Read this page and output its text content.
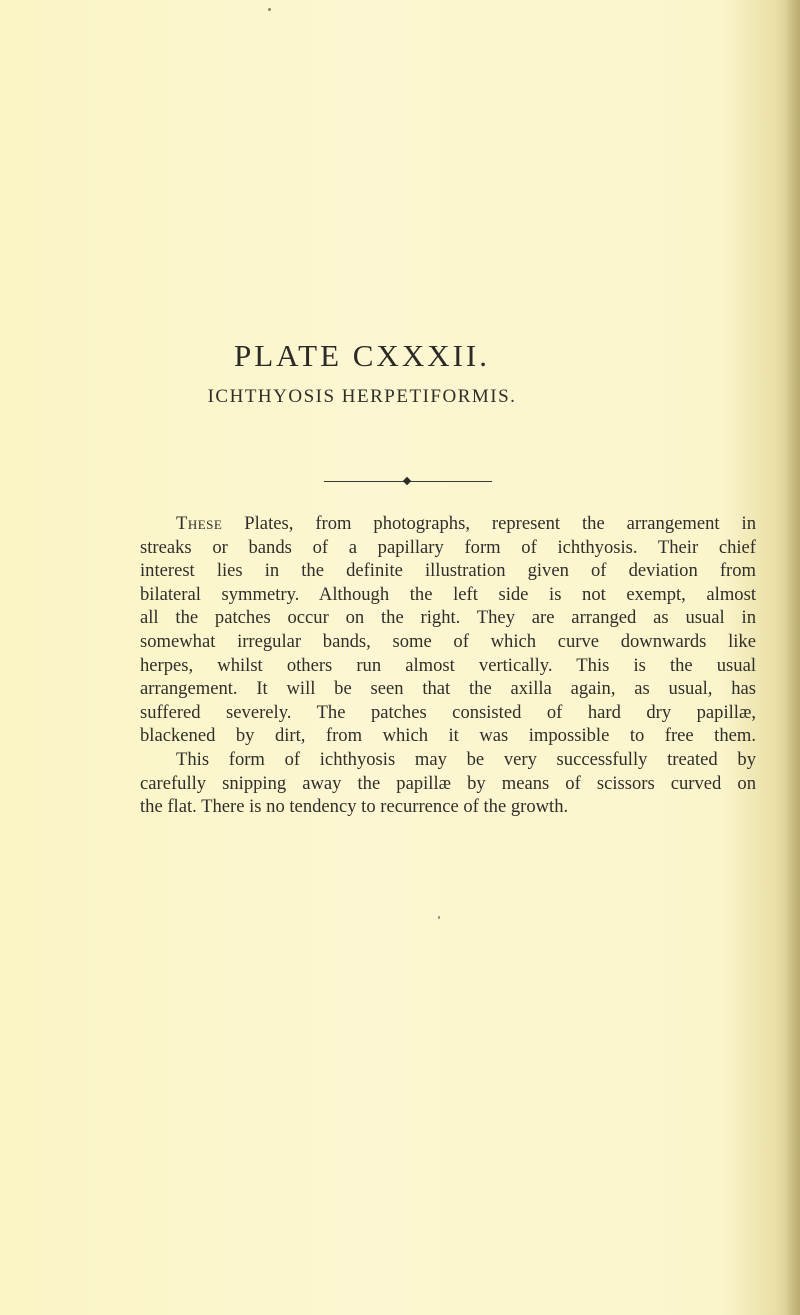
PLATE CXXXII.
ICHTHYOSIS HERPETIFORMIS.
These Plates, from photographs, represent the arrangement in
streaks or bands of a papillary form of ichthyosis. Their chief
interest lies in the definite illustration given of deviation from
bilateral symmetry. Although the left side is not exempt, almost
all the patches occur on the right. They are arranged as usual in
somewhat irregular bands, some of which curve downwards like
herpes, whilst others run almost vertically. This is the usual
arrangement. It will be seen that the axilla again, as usual, has
suffered severely. The patches consisted of hard dry papillæ,
blackened by dirt, from which it was impossible to free them.
This form of ichthyosis may be very successfully treated by
carefully snipping away the papillæ by means of scissors curved on
the flat. There is no tendency to recurrence of the growth.
